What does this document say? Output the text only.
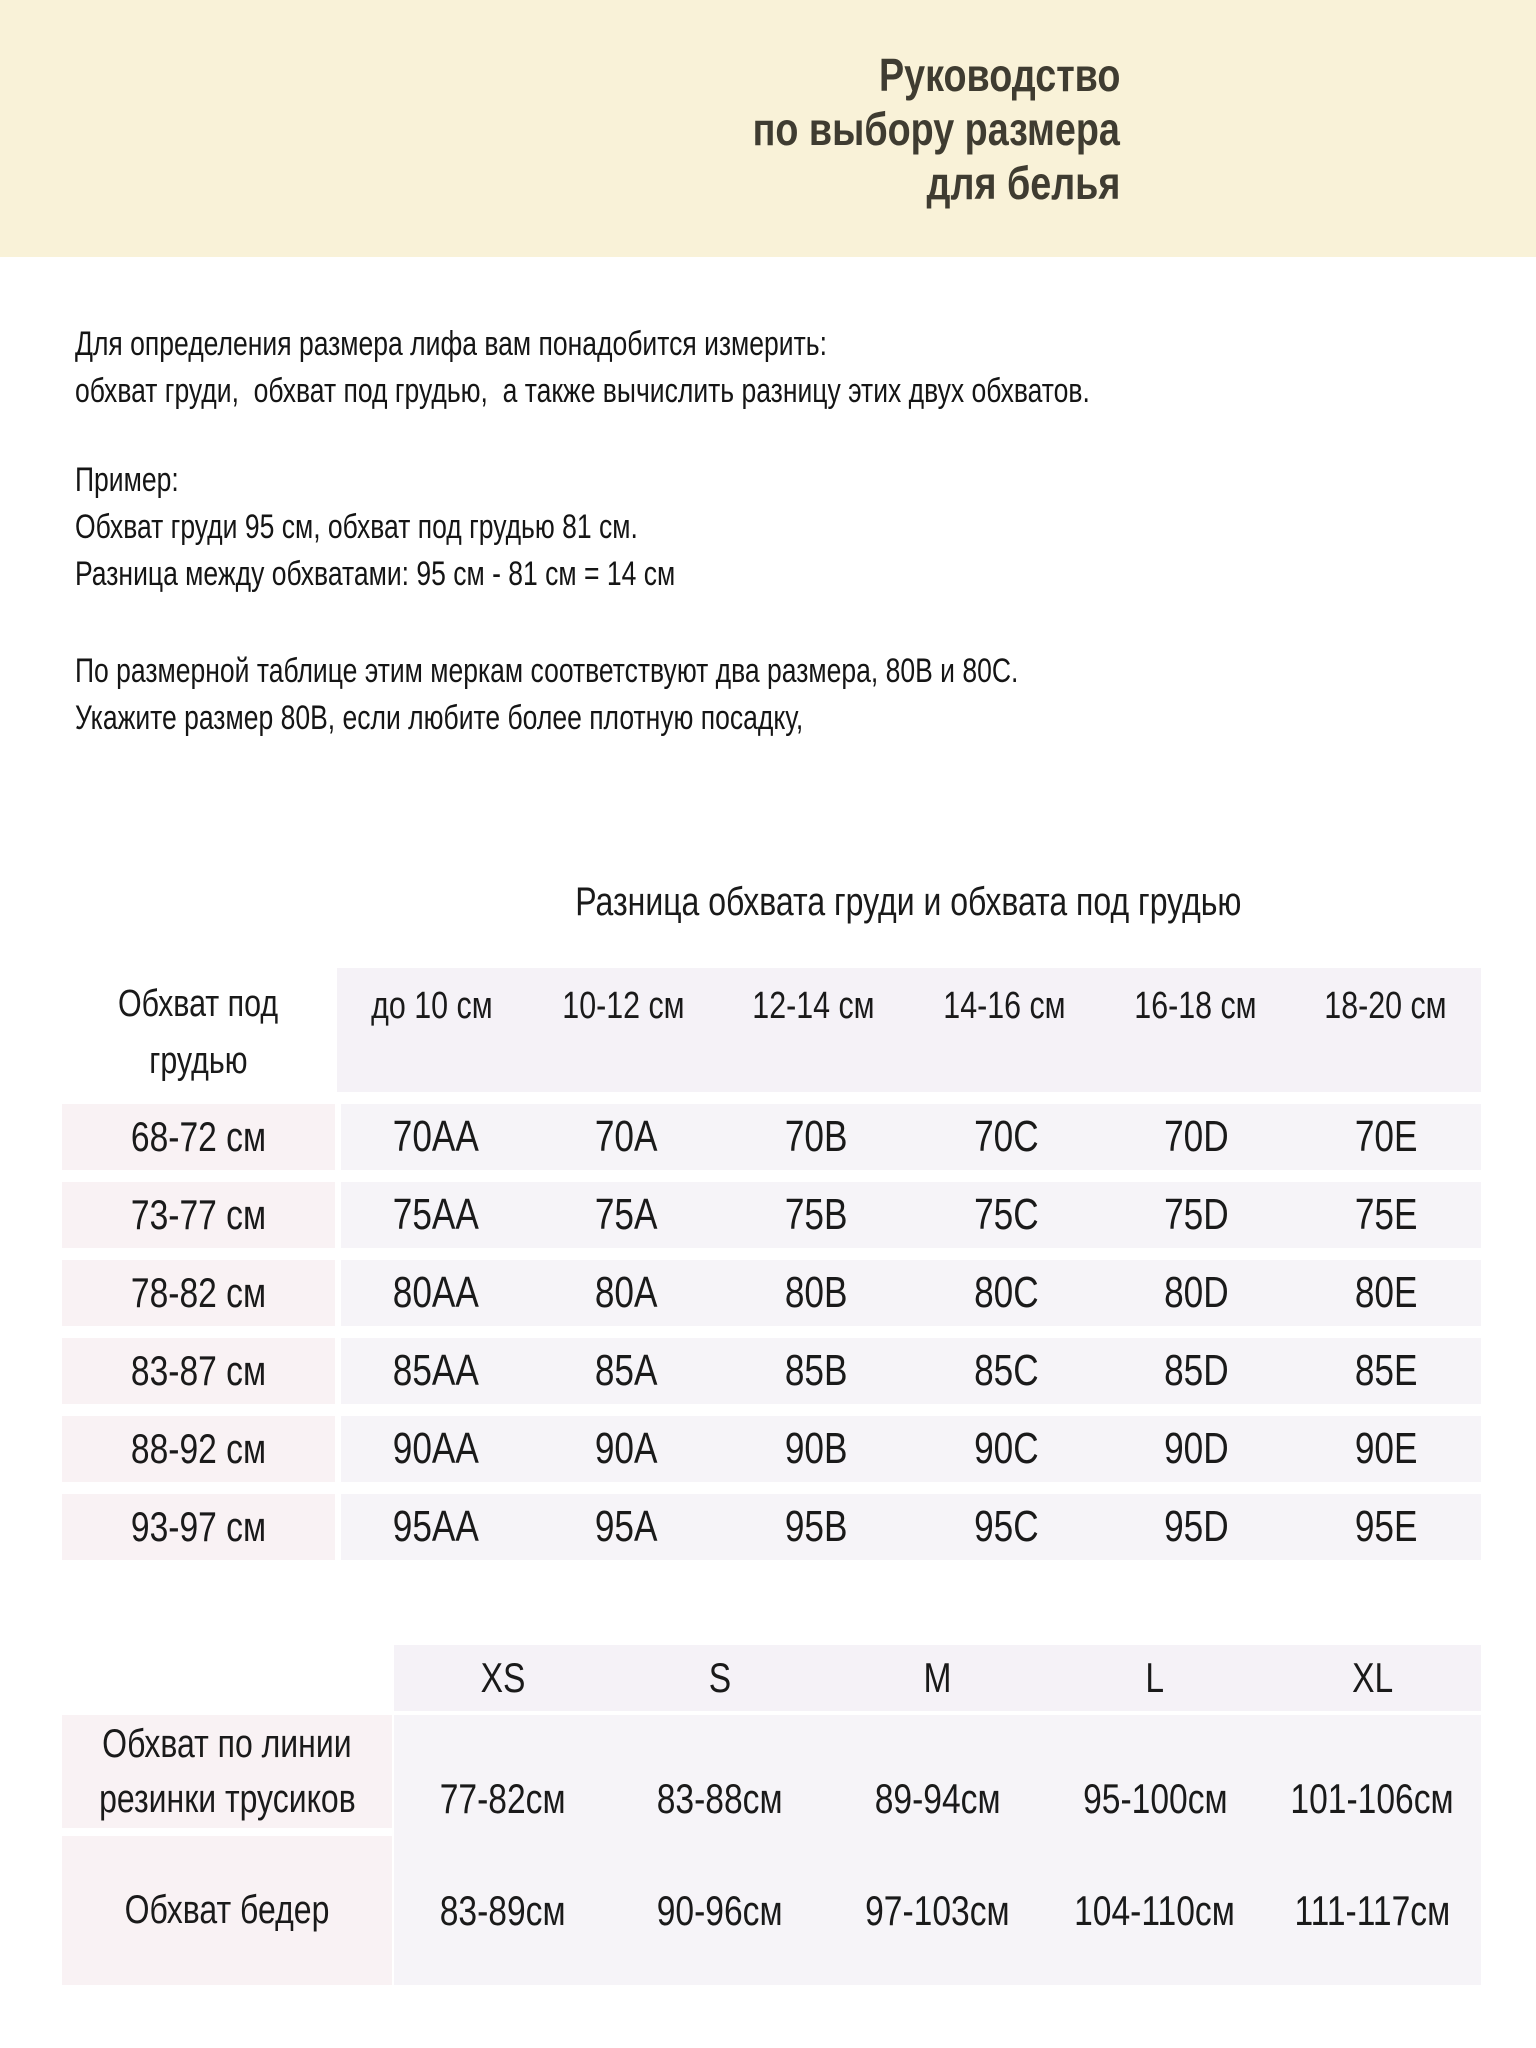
Руководство
по выбору размера
для белья
Для определения размера лифа вам понадобится измерить:
обхват груди,  обхват под грудью,  а также вычислить разницу этих двух обхватов.
Пример:
Обхват груди 95 см, обхват под грудью 81 см.
Разница между обхватами: 95 см - 81 см = 14 см
По размерной таблице этим меркам соответствуют два размера, 80B и 80C.
Укажите размер 80B, если любите более плотную посадку,
Разница обхвата груди и обхвата под грудью
Обхват под
грудью
до 10 см 10-12 см 12-14 см 14-16 см 16-18 см 18-20 см
68-72 см	70AA	70A	70B	70C	70D	70E
73-77 см	75AA	75A	75B	75C	75D	75E
78-82 см	80AA	80A	80B	80C	80D	80E
83-87 см	85AA	85A	85B	85C	85D	85E
88-92 см	90AA	90A	90B	90C	90D	90E
93-97 см	95AA	95A	95B	95C	95D	95E
XS	S	M	L	XL
Обхват по линии
резинки трусиков	77-82см 83-88см 89-94см 95-100см 101-106см
Обхват бедер	83-89см 90-96см 97-103см 104-110см 111-117см
